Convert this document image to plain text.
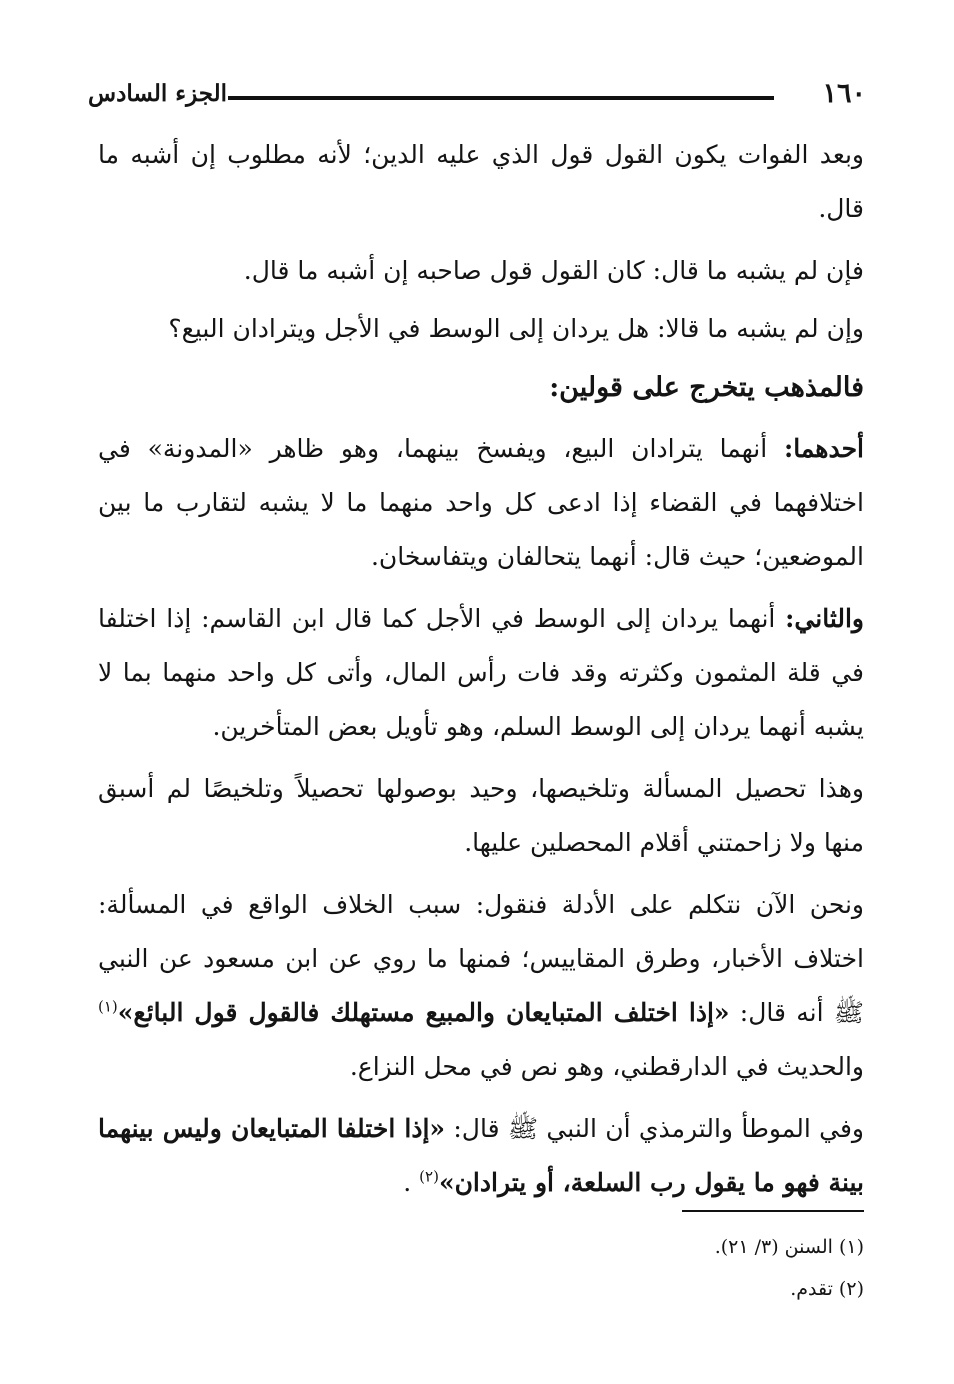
١٦٠
الجزء السادس

وبعد الفوات يكون القول قول الذي عليه الدين؛ لأنه مطلوب إن أشبه ما قال.

فإن لم يشبه ما قال: كان القول قول صاحبه إن أشبه ما قال.

وإن لم يشبه ما قالا: هل يردان إلى الوسط في الأجل ويترادان البيع؟

فالمذهب يتخرج على قولين:

أحدهما: أنهما يترادان البيع، ويفسخ بينهما، وهو ظاهر «المدونة» في اختلافهما في القضاء إذا ادعى كل واحد منهما ما لا يشبه لتقارب ما بين الموضعين؛ حيث قال: أنهما يتحالفان ويتفاسخان.

والثاني: أنهما يردان إلى الوسط في الأجل كما قال ابن القاسم: إذا اختلفا في قلة المثمون وكثرته وقد فات رأس المال، وأتى كل واحد منهما بما لا يشبه أنهما يردان إلى الوسط السلم، وهو تأويل بعض المتأخرين.

وهذا تحصيل المسألة وتلخيصها، وحيد بوصولها تحصيلاً وتلخيصًا لم أسبق منها ولا زاحمتني أقلام المحصلين عليها.

ونحن الآن نتكلم على الأدلة فنقول: سبب الخلاف الواقع في المسألة: اختلاف الأخبار، وطرق المقاييس؛ فمنها ما روي عن ابن مسعود عن النبي ﷺ أنه قال: «إذا اختلف المتبايعان والمبيع مستهلك فالقول قول البائع»$^{(١)}$ والحديث في الدارقطني، وهو نص في محل النزاع.

وفي الموطأ والترمذي أن النبي ﷺ قال: «إذا اختلفا المتبايعان وليس بينهما بينة فهو ما يقول رب السلعة، أو يترادان»$^{(٢)}$ .

(١) السنن (٣/ ٢١).

(٢) تقدم.
